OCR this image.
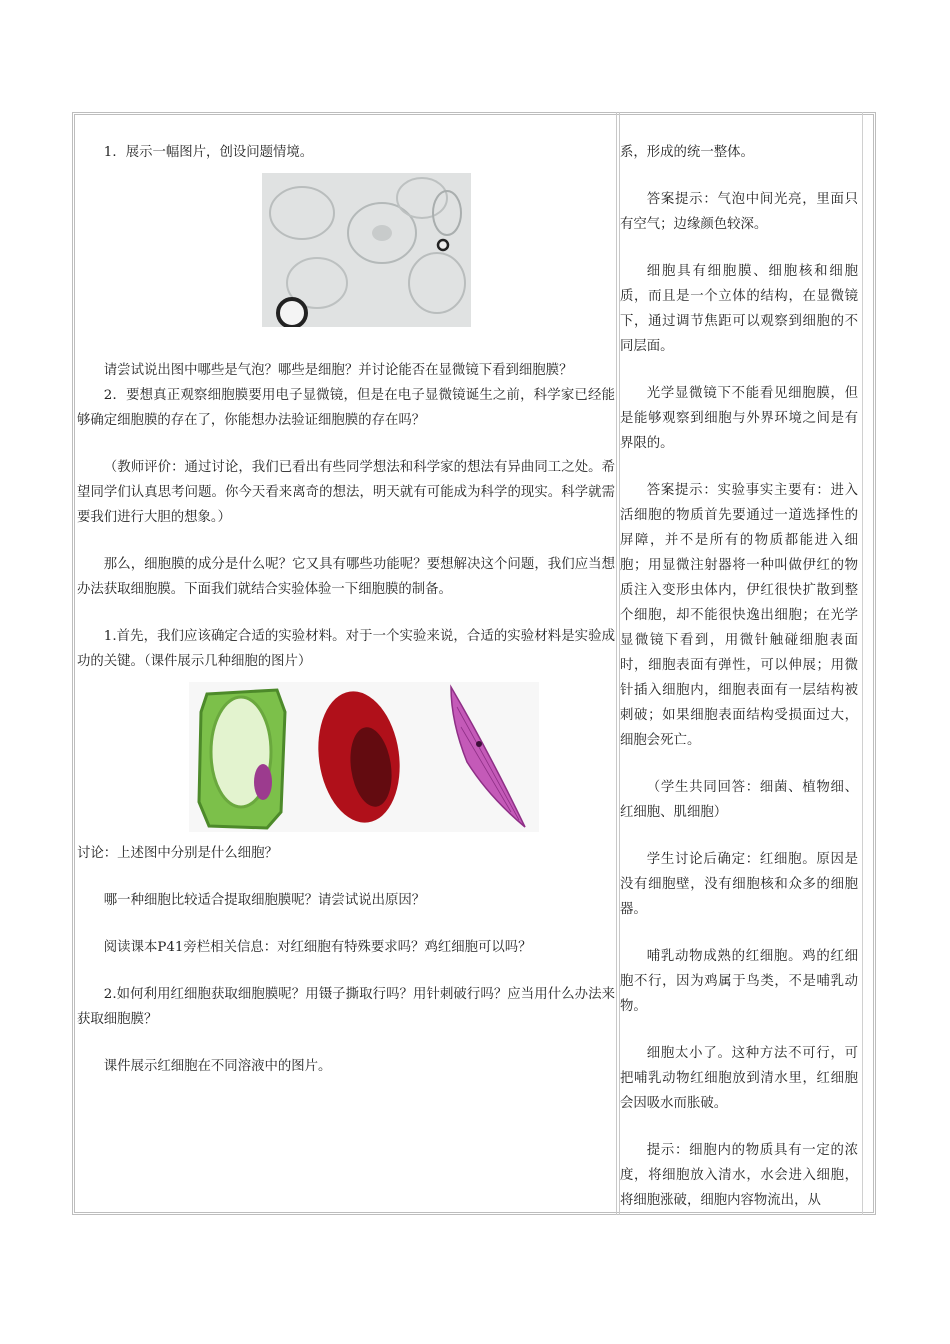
1．展示一幅图片，创设问题情境。

请尝试说出图中哪些是气泡？哪些是细胞？并讨论能否在显微镜下看到细胞膜？

2．要想真正观察细胞膜要用电子显微镜，但是在电子显微镜诞生之前，科学家已经能够确定细胞膜的存在了，你能想办法验证细胞膜的存在吗？

（教师评价：通过讨论，我们已看出有些同学想法和科学家的想法有异曲同工之处。希望同学们认真思考问题。你今天看来离奇的想法，明天就有可能成为科学的现实。科学就需要我们进行大胆的想象。）

那么，细胞膜的成分是什么呢？它又具有哪些功能呢？要想解决这个问题，我们应当想办法获取细胞膜。下面我们就结合实验体验一下细胞膜的制备。

1.首先，我们应该确定合适的实验材料。对于一个实验来说，合适的实验材料是实验成功的关键。（课件展示几种细胞的图片）

讨论：上述图中分别是什么细胞？

哪一种细胞比较适合提取细胞膜呢？请尝试说出原因？

阅读课本P41旁栏相关信息：对红细胞有特殊要求吗？鸡红细胞可以吗？

2.如何利用红细胞获取细胞膜呢？用镊子撕取行吗？用针刺破行吗？应当用什么办法来获取细胞膜？

课件展示红细胞在不同溶液中的图片。

系，形成的统一整体。

答案提示：气泡中间光亮，里面只有空气；边缘颜色较深。

细胞具有细胞膜、细胞核和细胞质，而且是一个立体的结构，在显微镜下，通过调节焦距可以观察到细胞的不同层面。

光学显微镜下不能看见细胞膜，但是能够观察到细胞与外界环境之间是有界限的。

答案提示：实验事实主要有：进入活细胞的物质首先要通过一道选择性的屏障，并不是所有的物质都能进入细胞；用显微注射器将一种叫做伊红的物质注入变形虫体内，伊红很快扩散到整个细胞，却不能很快逸出细胞；在光学显微镜下看到，用微针触碰细胞表面时，细胞表面有弹性，可以伸展；用微针插入细胞内，细胞表面有一层结构被刺破；如果细胞表面结构受损面过大，细胞会死亡。

（学生共同回答：细菌、植物细、红细胞、肌细胞）

学生讨论后确定：红细胞。原因是没有细胞壁，没有细胞核和众多的细胞器。

哺乳动物成熟的红细胞。鸡的红细胞不行，因为鸡属于鸟类，不是哺乳动物。

细胞太小了。这种方法不可行，可把哺乳动物红细胞放到清水里，红细胞会因吸水而胀破。

提示：细胞内的物质具有一定的浓度，将细胞放入清水，水会进入细胞，将细胞涨破，细胞内容物流出，从
